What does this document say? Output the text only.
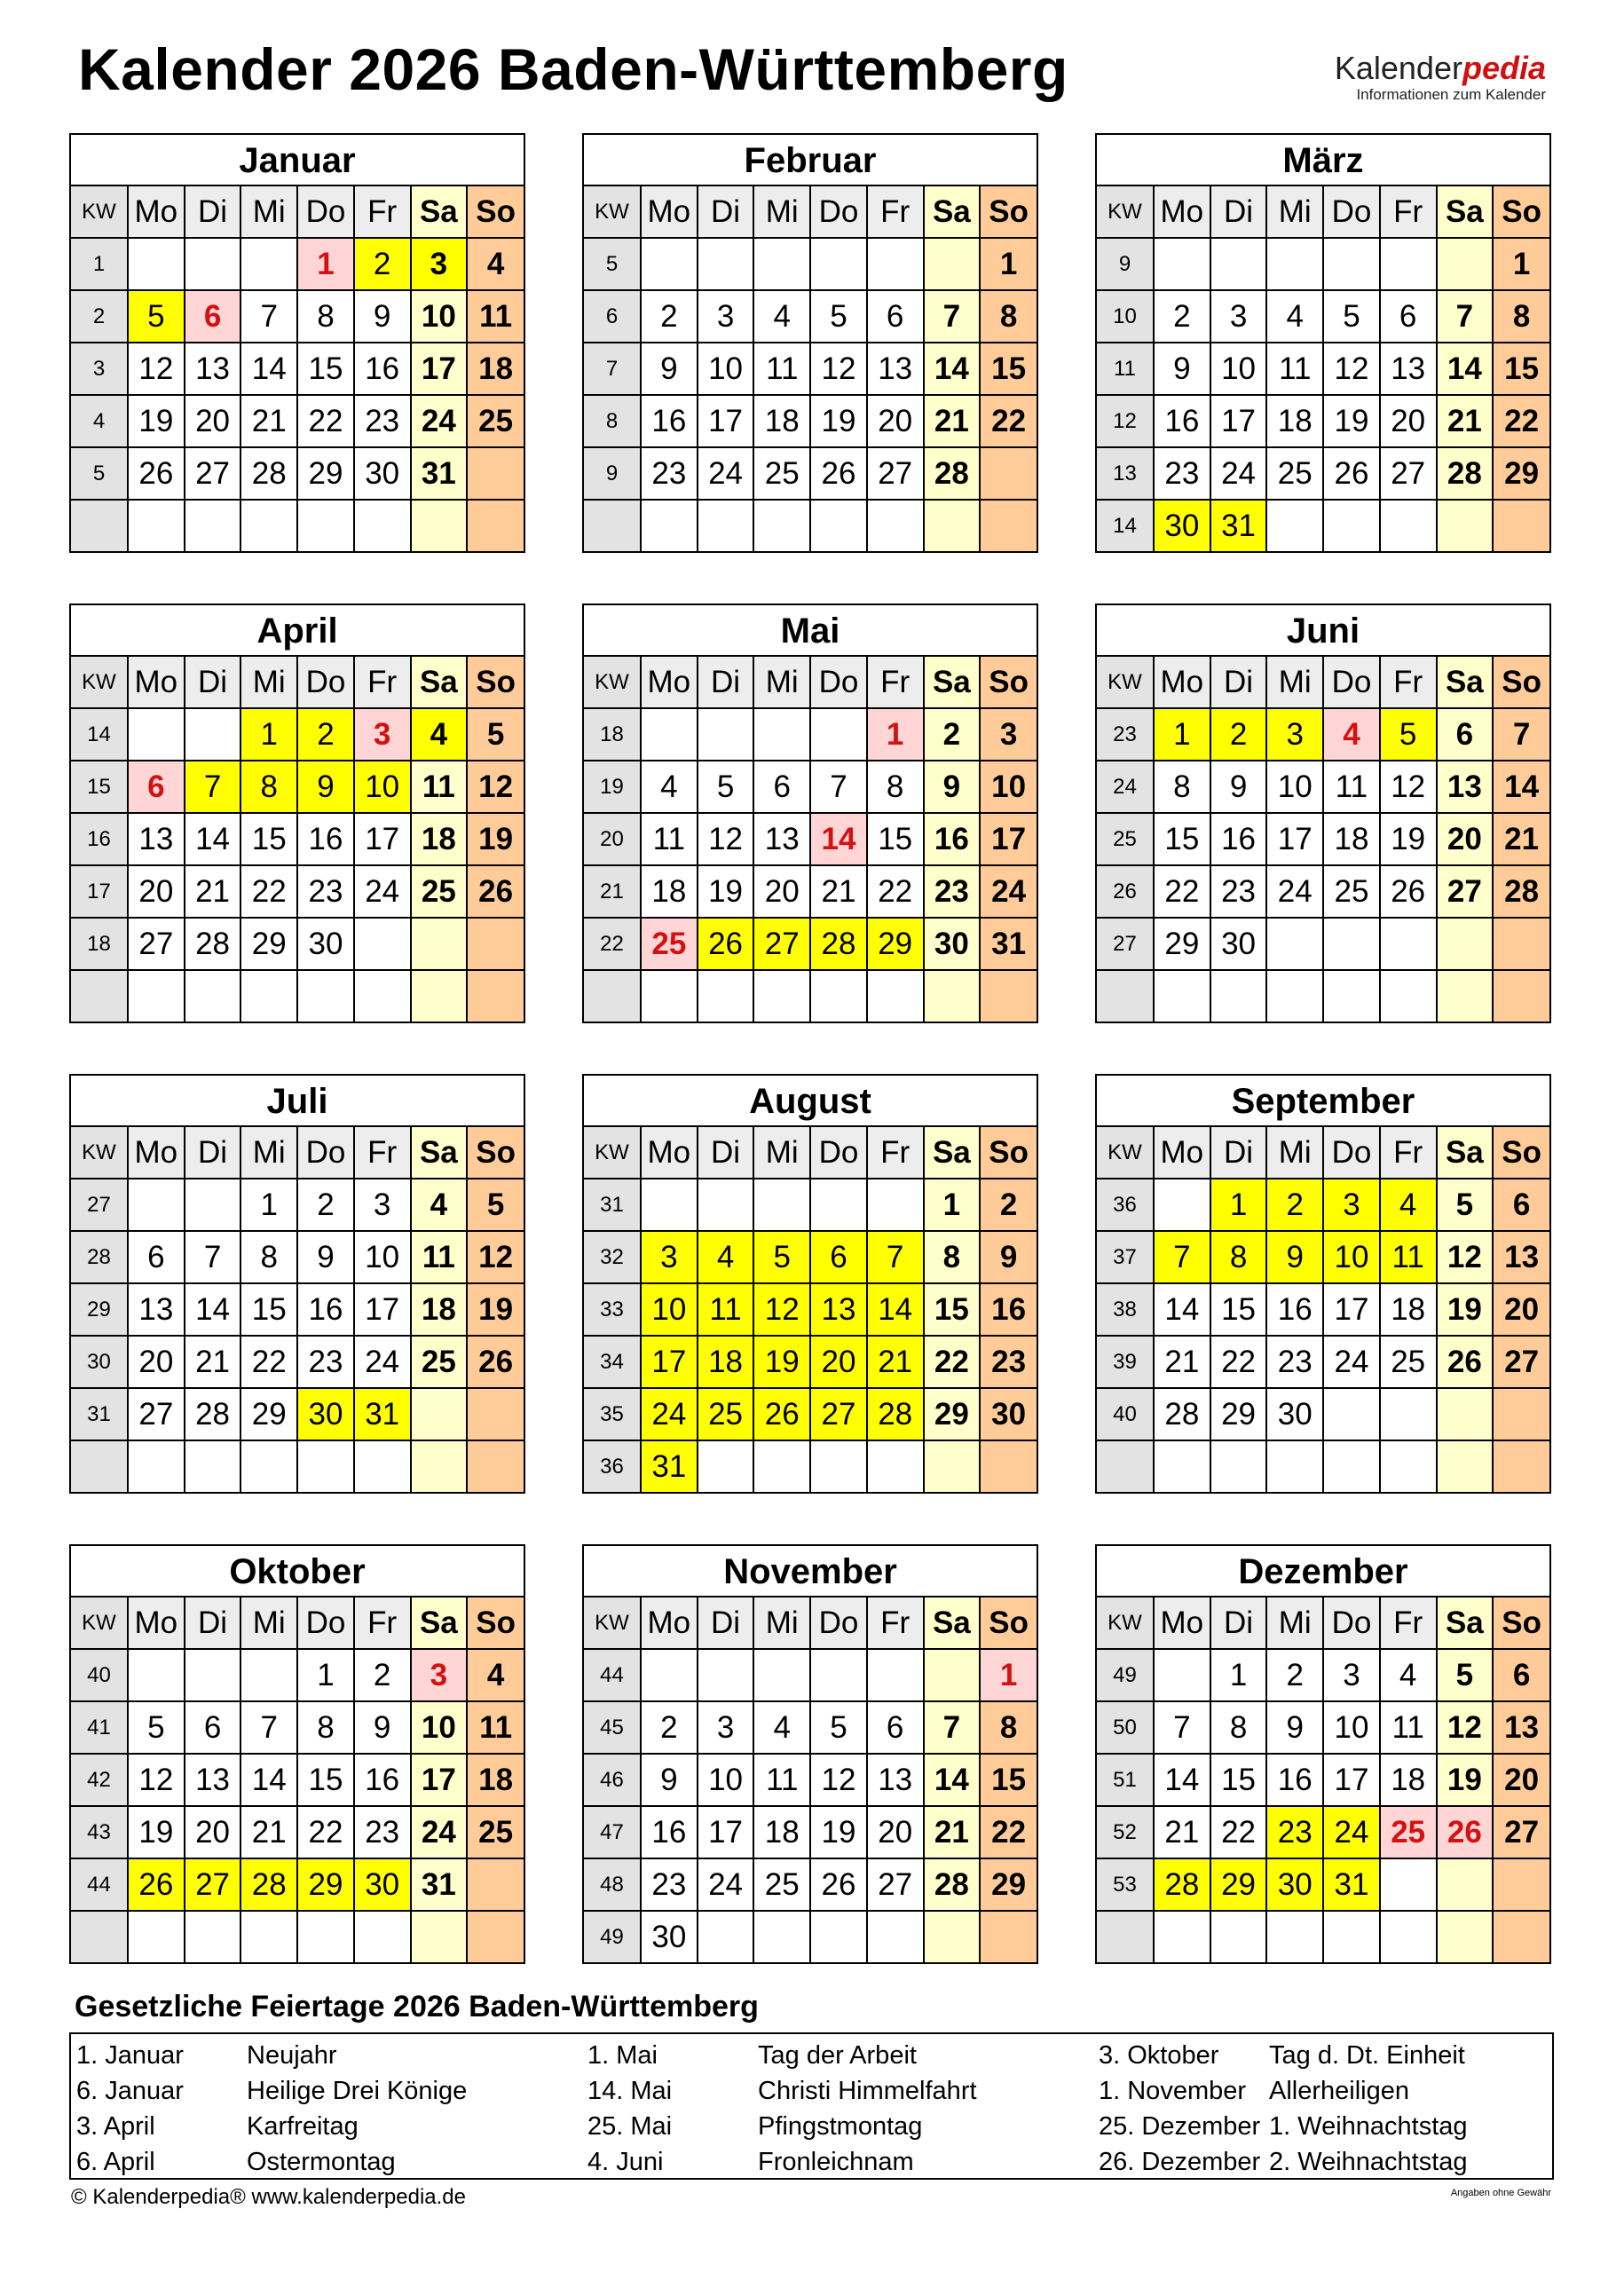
Kalender 2026 Baden-Württemberg	Kalenderpedia
Informationen zum Kalender
Januar
KW	Mo	Di	Mi	Do	Fr	Sa	So
1				1	2	3	4
2	5	6	7	8	9	10	11
3	12	13	14	15	16	17	18
4	19	20	21	22	23	24	25
5	26	27	28	29	30	31	

Februar
KW	Mo	Di	Mi	Do	Fr	Sa	So
5							1
6	2	3	4	5	6	7	8
7	9	10	11	12	13	14	15
8	16	17	18	19	20	21	22
9	23	24	25	26	27	28	

März
KW	Mo	Di	Mi	Do	Fr	Sa	So
9							1
10	2	3	4	5	6	7	8
11	9	10	11	12	13	14	15
12	16	17	18	19	20	21	22
13	23	24	25	26	27	28	29
14	30	31					
April
KW	Mo	Di	Mi	Do	Fr	Sa	So
14			1	2	3	4	5
15	6	7	8	9	10	11	12
16	13	14	15	16	17	18	19
17	20	21	22	23	24	25	26
18	27	28	29	30			

Mai
KW	Mo	Di	Mi	Do	Fr	Sa	So
18					1	2	3
19	4	5	6	7	8	9	10
20	11	12	13	14	15	16	17
21	18	19	20	21	22	23	24
22	25	26	27	28	29	30	31

Juni
KW	Mo	Di	Mi	Do	Fr	Sa	So
23	1	2	3	4	5	6	7
24	8	9	10	11	12	13	14
25	15	16	17	18	19	20	21
26	22	23	24	25	26	27	28
27	29	30					

Juli
KW	Mo	Di	Mi	Do	Fr	Sa	So
27			1	2	3	4	5
28	6	7	8	9	10	11	12
29	13	14	15	16	17	18	19
30	20	21	22	23	24	25	26
31	27	28	29	30	31		

August
KW	Mo	Di	Mi	Do	Fr	Sa	So
31						1	2
32	3	4	5	6	7	8	9
33	10	11	12	13	14	15	16
34	17	18	19	20	21	22	23
35	24	25	26	27	28	29	30
36	31						
September
KW	Mo	Di	Mi	Do	Fr	Sa	So
36		1	2	3	4	5	6
37	7	8	9	10	11	12	13
38	14	15	16	17	18	19	20
39	21	22	23	24	25	26	27
40	28	29	30				

Oktober
KW	Mo	Di	Mi	Do	Fr	Sa	So
40				1	2	3	4
41	5	6	7	8	9	10	11
42	12	13	14	15	16	17	18
43	19	20	21	22	23	24	25
44	26	27	28	29	30	31	

November
KW	Mo	Di	Mi	Do	Fr	Sa	So
44							1
45	2	3	4	5	6	7	8
46	9	10	11	12	13	14	15
47	16	17	18	19	20	21	22
48	23	24	25	26	27	28	29
49	30						
Dezember
KW	Mo	Di	Mi	Do	Fr	Sa	So
49		1	2	3	4	5	6
50	7	8	9	10	11	12	13
51	14	15	16	17	18	19	20
52	21	22	23	24	25	26	27
53	28	29	30	31			

Gesetzliche Feiertage 2026 Baden-Württemberg
1. Januar Neujahr
6. Januar Heilige Drei Könige
3. April	Karfreitag
6. April	Ostermontag
1. Mai	Tag der Arbeit
14. Mai	Christi Himmelfahrt
25. Mai	Pfingstmontag
4. Juni	Fronleichnam
3. Oktober Tag d. Dt. Einheit
1. November Allerheiligen
25. Dezember 1. Weihnachtstag
26. Dezember 2. Weihnachtstag
© Kalenderpedia® www.kalenderpedia.de	Angaben ohne Gewähr
